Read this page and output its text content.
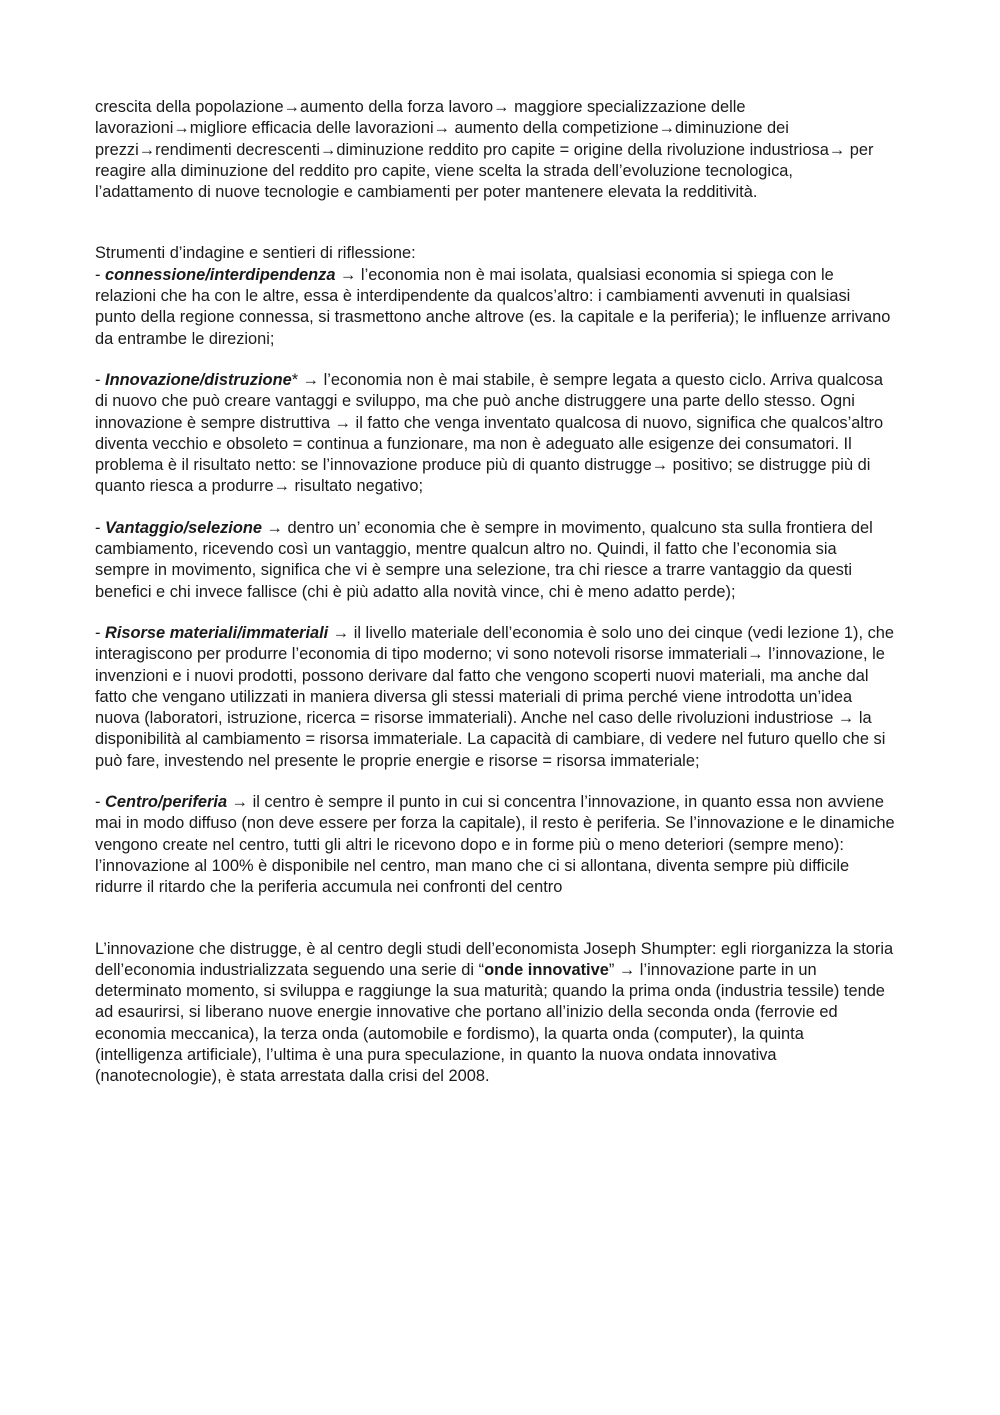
crescita della popolazione→aumento della forza lavoro→ maggiore specializzazione delle lavorazioni→migliore efficacia delle lavorazioni→ aumento della competizione→diminuzione dei prezzi→rendimenti decrescenti→diminuzione reddito pro capite = origine della rivoluzione industriosa→ per reagire alla diminuzione del reddito pro capite, viene scelta la strada dell’evoluzione tecnologica, l’adattamento di nuove tecnologie e cambiamenti per poter mantenere elevata la redditività.

Strumenti d’indagine e sentieri di riflessione:

- connessione/interdipendenza → l’economia non è mai isolata, qualsiasi economia si spiega con le relazioni che ha con le altre, essa è interdipendente da qualcos’altro: i cambiamenti avvenuti in qualsiasi punto della regione connessa, si trasmettono anche altrove (es. la capitale e la periferia); le influenze arrivano da entrambe le direzioni;

- Innovazione/distruzione* → l’economia non è mai stabile, è sempre legata a questo ciclo. Arriva qualcosa di nuovo che può creare vantaggi e sviluppo, ma che può anche distruggere una parte dello stesso. Ogni innovazione è sempre distruttiva → il fatto che venga inventato qualcosa di nuovo, significa che qualcos’altro diventa vecchio e obsoleto = continua a funzionare, ma non è adeguato alle esigenze dei consumatori. Il problema è il risultato netto: se l’innovazione produce più di quanto distrugge→ positivo; se distrugge più di quanto riesca a produrre→ risultato negativo;

- Vantaggio/selezione → dentro un’ economia che è sempre in movimento, qualcuno sta sulla frontiera del cambiamento, ricevendo così un vantaggio, mentre qualcun altro no. Quindi, il fatto che l’economia sia sempre in movimento, significa che vi è sempre una selezione, tra chi riesce a trarre vantaggio da questi benefici e chi invece fallisce (chi è più adatto alla novità vince, chi è meno adatto perde);

- Risorse materiali/immateriali → il livello materiale dell’economia è solo uno dei cinque (vedi lezione 1), che interagiscono per produrre l’economia di tipo moderno; vi sono notevoli risorse immateriali→ l’innovazione, le invenzioni e i nuovi prodotti, possono derivare dal fatto che vengono scoperti nuovi materiali, ma anche dal fatto che vengano utilizzati in maniera diversa gli stessi materiali di prima perché viene introdotta un’idea nuova (laboratori, istruzione, ricerca = risorse immateriali). Anche nel caso delle rivoluzioni industriose → la disponibilità al cambiamento = risorsa immateriale. La capacità di cambiare, di vedere nel futuro quello che si può fare, investendo nel presente le proprie energie e risorse = risorsa immateriale;

- Centro/periferia → il centro è sempre il punto in cui si concentra l’innovazione, in quanto essa non avviene mai in modo diffuso (non deve essere per forza la capitale), il resto è periferia. Se l’innovazione e le dinamiche vengono create nel centro, tutti gli altri le ricevono dopo e in forme più o meno deteriori (sempre meno): l’innovazione al 100% è disponibile nel centro, man mano che ci si allontana, diventa sempre più difficile ridurre il ritardo che la periferia accumula nei confronti del centro

L’innovazione che distrugge, è al centro degli studi dell’economista Joseph Shumpter: egli riorganizza la storia dell’economia industrializzata seguendo una serie di “onde innovative” → l’innovazione parte in un determinato momento, si sviluppa e raggiunge la sua maturità; quando la prima onda (industria tessile) tende ad esaurirsi, si liberano nuove energie innovative che portano all’inizio della seconda onda (ferrovie ed economia meccanica), la terza onda (automobile e fordismo), la quarta onda (computer), la quinta (intelligenza artificiale), l’ultima è una pura speculazione, in quanto la nuova ondata innovativa (nanotecnologie), è stata arrestata dalla crisi del 2008.
